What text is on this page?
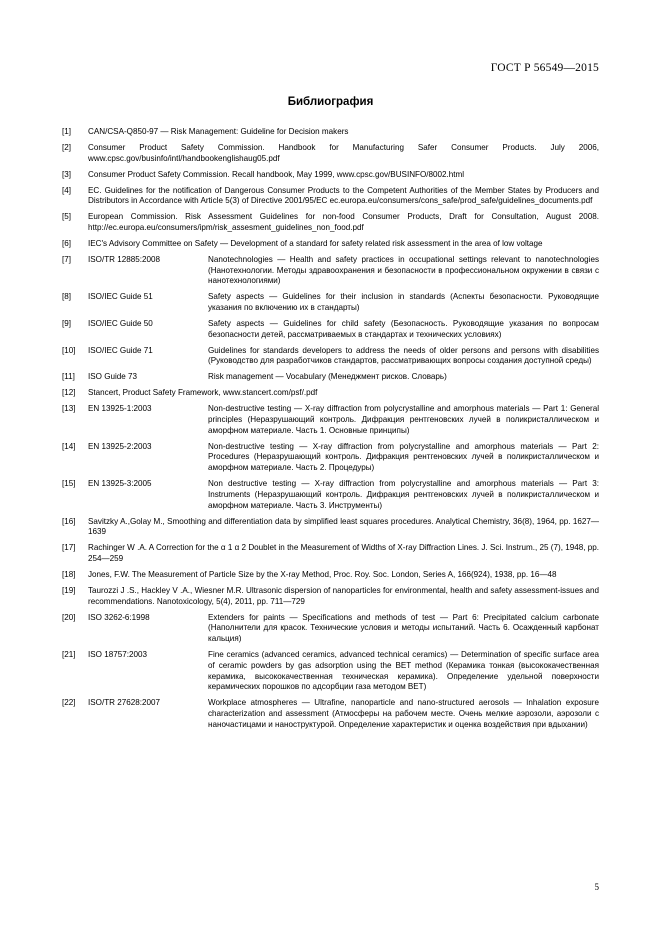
ГОСТ Р 56549—2015
Библиография
[1]	CAN/CSA-Q850-97 — Risk Management: Guideline for Decision makers
[2]	Consumer Product Safety Commission. Handbook for Manufacturing Safer Consumer Products. July 2006, www.cpsc.gov/businfo/intl/handbookenglishaug05.pdf
[3]	Consumer Product Safety Commission. Recall handbook, May 1999, www.cpsc.gov/BUSINFO/8002.html
[4]	EC. Guidelines for the notification of Dangerous Consumer Products to the Competent Authorities of the Member States by Producers and Distributors in Accordance with Article 5(3) of Directive 2001/95/EC ec.europa.eu/consumers/cons_safe/prod_safe/guidelines_documents.pdf
[5]	European Commission. Risk Assessment Guidelines for non-food Consumer Products, Draft for Consultation, August 2008. http://ec.europa.eu/consumers/ipm/risk_assesment_guidelines_non_food.pdf
[6]	IEC's Advisory Committee on Safety — Development of a standard for safety related risk assessment in the area of low voltage
[7]	ISO/TR 12885:2008	Nanotechnologies — Health and safety practices in occupational settings relevant to nanotechnologies (Нанотехнологии. Методы здравоохранения и безопасности в профессиональном окружении в связи с нанотехнологиями)
[8]	ISO/IEC Guide 51	Safety aspects — Guidelines for their inclusion in standards (Аспекты безопасности. Руководящие указания по включению их в стандарты)
[9]	ISO/IEC Guide 50	Safety aspects — Guidelines for child safety (Безопасность. Руководящие указания по вопросам безопасности детей, рассматриваемых в стандартах и технических условиях)
[10]	ISO/IEC Guide 71	Guidelines for standards developers to address the needs of older persons and persons with disabilities (Руководство для разработчиков стандартов, рассматривающих вопросы создания доступной среды)
[11]	ISO Guide 73	Risk management — Vocabulary (Менеджмент рисков. Словарь)
[12]	Stancert, Product Safety Framework, www.stancert.com/psf/.pdf
[13]	EN 13925-1:2003	Non-destructive testing — X-ray diffraction from polycrystalline and amorphous materials — Part 1: General principles (Неразрушающий контроль. Дифракция рентгеновских лучей в поликристаллическом и аморфном материале. Часть 1. Основные принципы)
[14]	EN 13925-2:2003	Non-destructive testing — X-ray diffraction from polycrystalline and amorphous materials — Part 2: Procedures (Неразрушающий контроль. Дифракция рентгеновских лучей в поликристаллическом и аморфном материале. Часть 2. Процедуры)
[15]	EN 13925-3:2005	Non destructive testing — X-ray diffraction from polycrystalline and amorphous materials — Part 3: Instruments (Неразрушающий контроль. Дифракция рентгеновских лучей в поликристаллическом и аморфном материале. Часть 3. Инструменты)
[16]	Savitzky A.,Golay M., Smoothing and differentiation data by simplified least squares procedures. Analytical Chemistry, 36(8), 1964, pp. 1627—1639
[17]	Rachinger W .A. A Correction for the α 1 α 2 Doublet in the Measurement of Widths of X-ray Diffraction Lines. J. Sci. Instrum., 25 (7), 1948, pp. 254—259
[18]	Jones, F.W. The Measurement of Particle Size by the X-ray Method, Proc. Roy. Soc. London, Series A, 166(924), 1938, pp. 16—48
[19]	Taurozzi J .S., Hackley V .A., Wiesner M.R. Ultrasonic dispersion of nanoparticles for environmental, health and safety assessment-issues and recommendations. Nanotoxicology, 5(4), 2011, pp. 711—729
[20]	ISO 3262-6:1998	Extenders for paints — Specifications and methods of test — Part 6: Precipitated calcium carbonate (Наполнители для красок. Технические условия и методы испытаний. Часть 6. Осажденный карбонат кальция)
[21]	ISO 18757:2003	Fine ceramics (advanced ceramics, advanced technical ceramics) — Determination of specific surface area of ceramic powders by gas adsorption using the BET method (Керамика тонкая (высококачественная керамика, высококачественная техническая керамика). Определение удельной поверхности керамических порошков по адсорбции газа методом ВЕТ)
[22]	ISO/TR 27628:2007	Workplace atmospheres — Ultrafine, nanoparticle and nano-structured aerosols — Inhalation exposure characterization and assessment (Атмосферы на рабочем месте. Очень мелкие аэрозоли, аэрозоли с наночастицами и наноструктурой. Определение характеристик и оценка воздействия при вдыхании)
5
